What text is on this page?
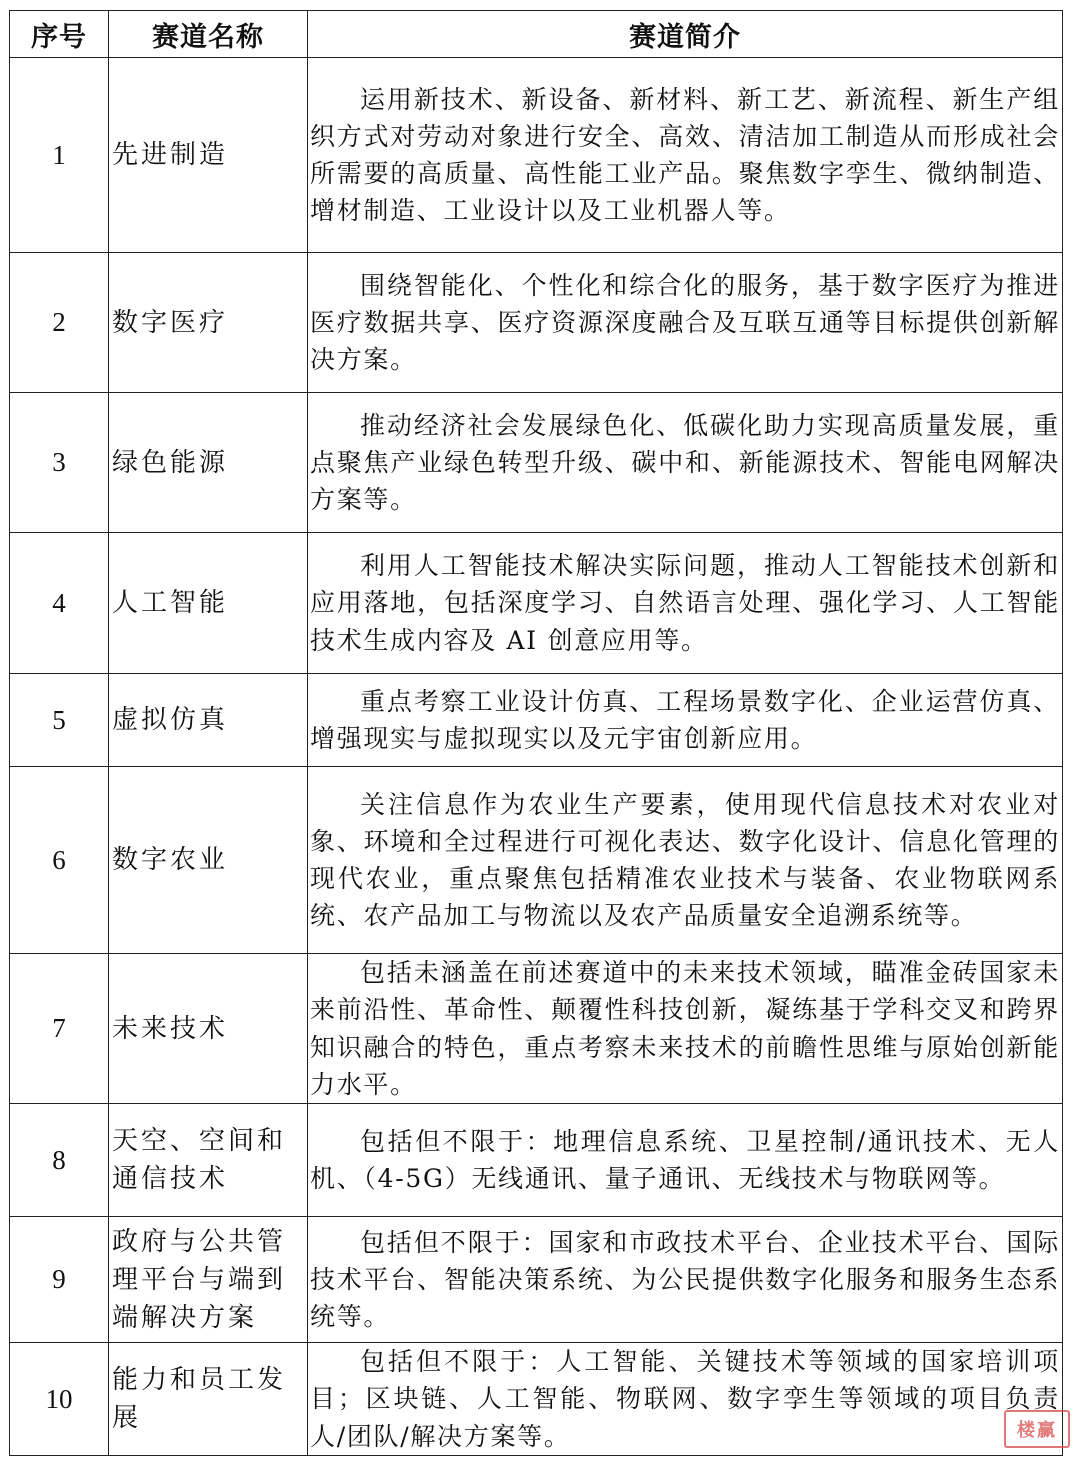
序号	赛道名称	赛道简介
1	先进制造	运用新技术、新设备、新材料、新工艺、新流程、新生产组织方式对劳动对象进行安全、高效、清洁加工制造从而形成社会所需要的高质量、高性能工业产品。聚焦数字孪生、微纳制造、增材制造、工业设计以及工业机器人等。

2	数字医疗	围绕智能化、个性化和综合化的服务，基于数字医疗为推进医疗数据共享、医疗资源深度融合及互联互通等目标提供创新解决方案。

3	绿色能源	推动经济社会发展绿色化、低碳化助力实现高质量发展，重点聚焦产业绿色转型升级、碳中和、新能源技术、智能电网解决方案等。

4	人工智能	利用人工智能技术解决实际问题，推动人工智能技术创新和应用落地，包括深度学习、自然语言处理、强化学习、人工智能技术生成内容及 AI 创意应用等。

5	虚拟仿真	重点考察工业设计仿真、工程场景数字化、企业运营仿真、增强现实与虚拟现实以及元宇宙创新应用。

6	数字农业	关注信息作为农业生产要素，使用现代信息技术对农业对象、环境和全过程进行可视化表达、数字化设计、信息化管理的现代农业，重点聚焦包括精准农业技术与装备、农业物联网系统、农产品加工与物流以及农产品质量安全追溯系统等。

7	未来技术	包括未涵盖在前述赛道中的未来技术领域，瞄准金砖国家未来前沿性、革命性、颠覆性科技创新，凝练基于学科交叉和跨界知识融合的特色，重点考察未来技术的前瞻性思维与原始创新能力水平。

8	天空、空间和通信技术	包括但不限于：地理信息系统、卫星控制/通讯技术、无人机、（4-5G）无线通讯、量子通讯、无线技术与物联网等。

9	政府与公共管理平台与端到端解决方案	包括但不限于：国家和市政技术平台、企业技术平台、国际技术平台、智能决策系统、为公民提供数字化服务和服务生态系统等。

10	能力和员工发展	包括但不限于：人工智能、关键技术等领域的国家培训项目；区块链、人工智能、物联网、数字孪生等领域的项目负责人/团队/解决方案等。	楼赢
